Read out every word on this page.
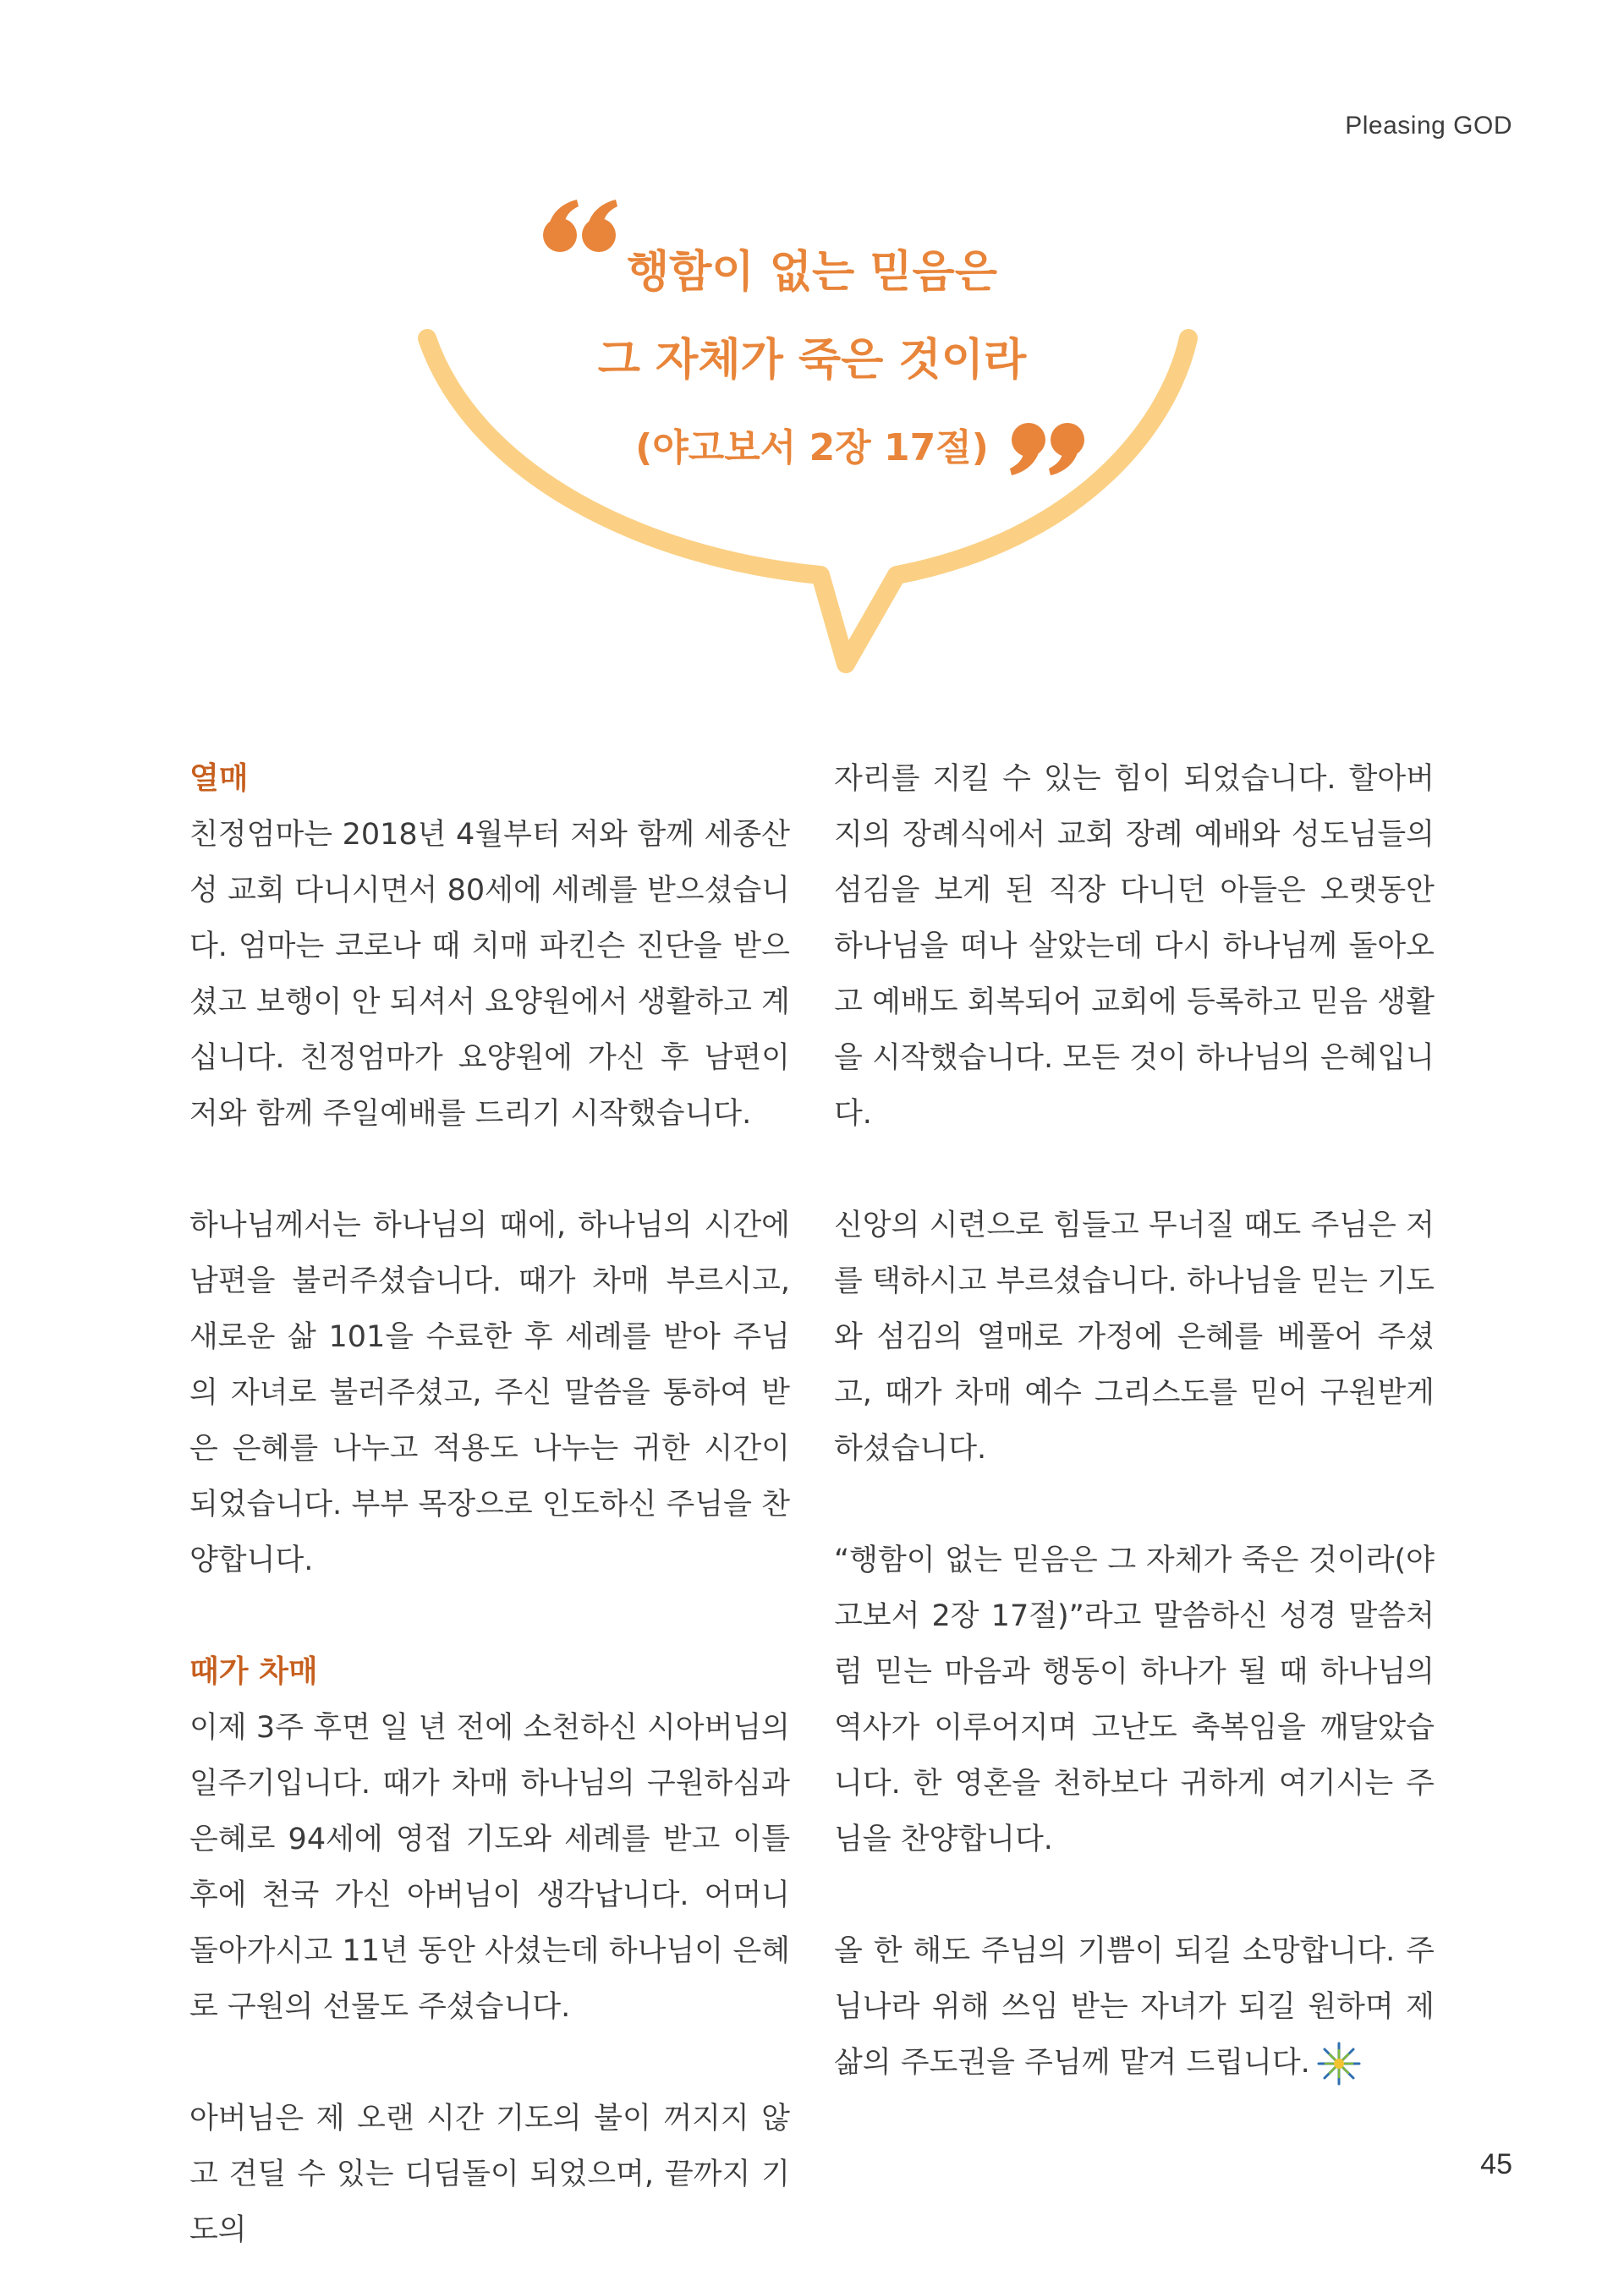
Pleasing GOD
행함이 없는 믿음은
그 자체가 죽은 것이라
(야고보서 2장 17절)
열매

친정엄마는 2018년 4월부터 저와 함께 세종산성 교회 다니시면서 80세에 세례를 받으셨습니다. 엄마는 코로나 때 치매 파킨슨 진단을 받으셨고 보행이 안 되셔서 요양원에서 생활하고 계십니다. 친정엄마가 요양원에 가신 후 남편이 저와 함께 주일예배를 드리기 시작했습니다.

하나님께서는 하나님의 때에, 하나님의 시간에 남편을 불러주셨습니다. 때가 차매 부르시고, 새로운 삶 101을 수료한 후 세례를 받아 주님의 자녀로 불러주셨고, 주신 말씀을 통하여 받은 은혜를 나누고 적용도 나누는 귀한 시간이 되었습니다. 부부 목장으로 인도하신 주님을 찬양합니다.

때가 차매

이제 3주 후면 일 년 전에 소천하신 시아버님의 일주기입니다. 때가 차매 하나님의 구원하심과 은혜로 94세에 영접 기도와 세례를 받고 이틀 후에 천국 가신 아버님이 생각납니다. 어머니 돌아가시고 11년 동안 사셨는데 하나님이 은혜로 구원의 선물도 주셨습니다.

아버님은 제 오랜 시간 기도의 불이 꺼지지 않고 견딜 수 있는 디딤돌이 되었으며, 끝까지 기도의

자리를 지킬 수 있는 힘이 되었습니다. 할아버지의 장례식에서 교회 장례 예배와 성도님들의 섬김을 보게 된 직장 다니던 아들은 오랫동안 하나님을 떠나 살았는데 다시 하나님께 돌아오고 예배도 회복되어 교회에 등록하고 믿음 생활을 시작했습니다. 모든 것이 하나님의 은혜입니다.

신앙의 시련으로 힘들고 무너질 때도 주님은 저를 택하시고 부르셨습니다. 하나님을 믿는 기도와 섬김의 열매로 가정에 은혜를 베풀어 주셨고, 때가 차매 예수 그리스도를 믿어 구원받게 하셨습니다.

“행함이 없는 믿음은 그 자체가 죽은 것이라(야고보서 2장 17절)”라고 말씀하신 성경 말씀처럼 믿는 마음과 행동이 하나가 될 때 하나님의 역사가 이루어지며 고난도 축복임을 깨달았습니다. 한 영혼을 천하보다 귀하게 여기시는 주님을 찬양합니다.

올 한 해도 주님의 기쁨이 되길 소망합니다. 주님나라 위해 쓰임 받는 자녀가 되길 원하며 제 삶의 주도권을 주님께 맡겨 드립니다.

45
